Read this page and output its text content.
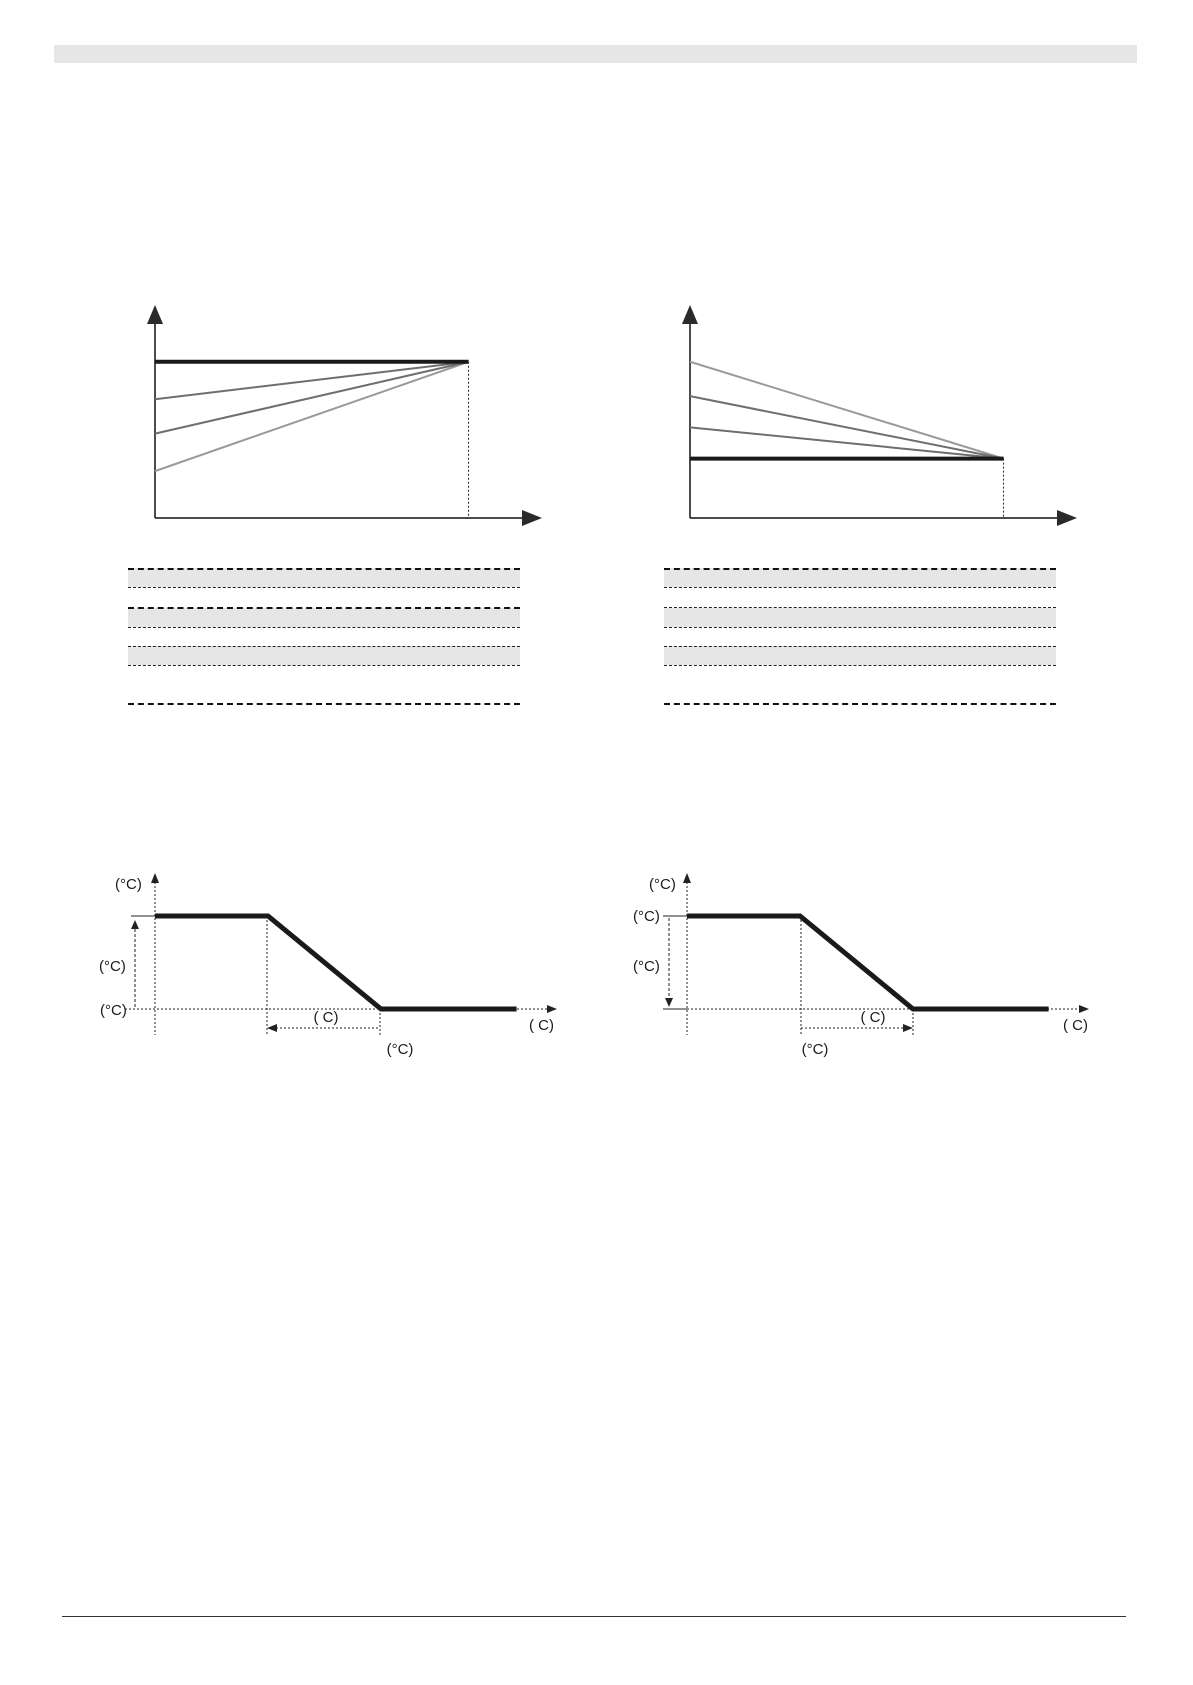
(°C)
(°C)
(°C)	( C)	( C)
(°C)
(°C)
(°C)
(°C)
( C)	( C)
(°C)
